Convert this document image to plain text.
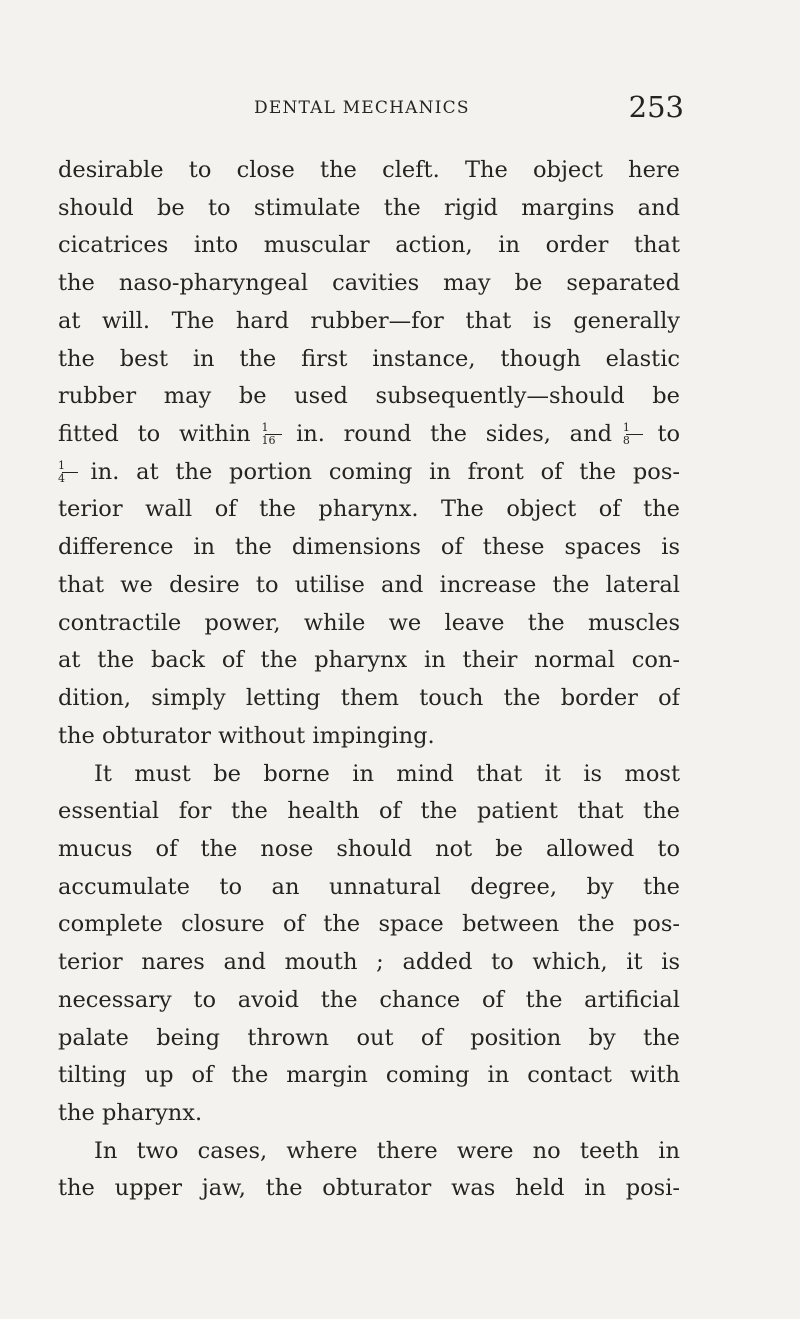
DENTAL MECHANICS	253
desirable to close the cleft. The object here
should be to stimulate the rigid margins and
cicatrices into muscular action, in order that
the naso-pharyngeal cavities may be separated
at will. The hard rubber—for that is generally
the best in the first instance, though elastic
rubber may be used subsequently—should be
fitted to within $\frac{1}{16}$ in. round the sides, and $\frac{1}{8}$ to
$\frac{1}{4}$ in. at the portion coming in front of the pos-
terior wall of the pharynx. The object of the
difference in the dimensions of these spaces is
that we desire to utilise and increase the lateral
contractile power, while we leave the muscles
at the back of the pharynx in their normal con-
dition, simply letting them touch the border of
the obturator without impinging.
It must be borne in mind that it is most
essential for the health of the patient that the
mucus of the nose should not be allowed to
accumulate to an unnatural degree, by the
complete closure of the space between the pos-
terior nares and mouth ; added to which, it is
necessary to avoid the chance of the artificial
palate being thrown out of position by the
tilting up of the margin coming in contact with
the pharynx.
In two cases, where there were no teeth in
the upper jaw, the obturator was held in posi-
